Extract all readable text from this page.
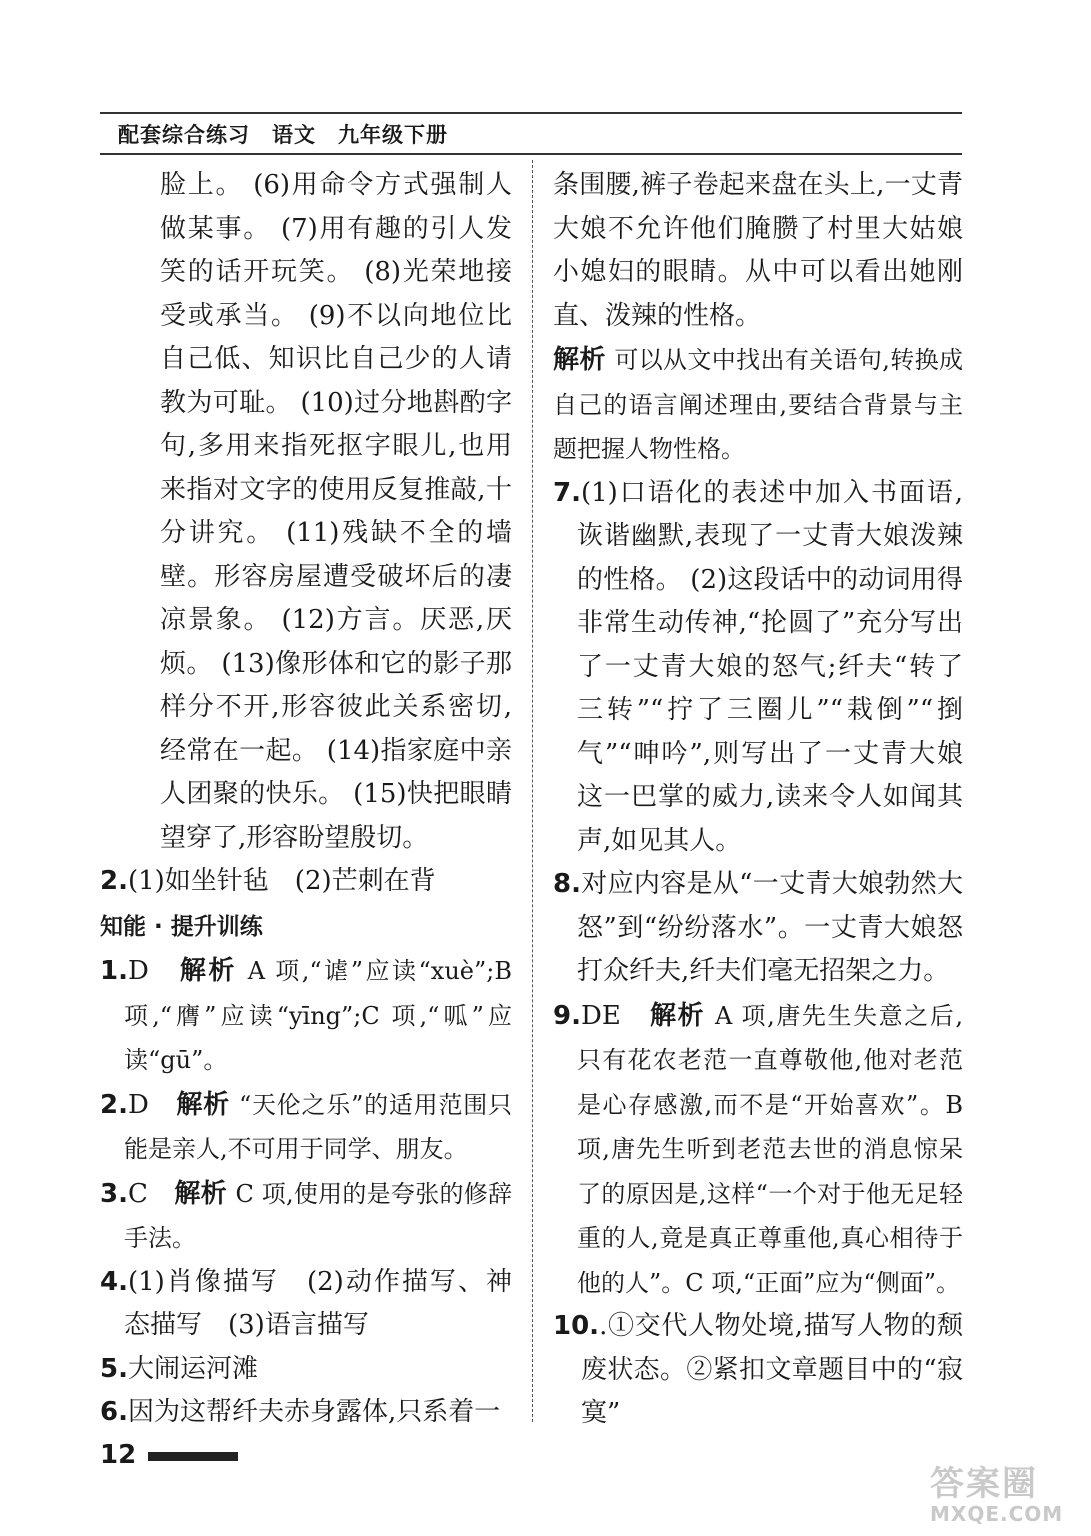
配套综合练习　语文　九年级下册

脸上。 (6)用命令方式强制人做某事。 (7)用有趣的引人发笑的话开玩笑。 (8)光荣地接受或承当。 (9)不以向地位比自己低、知识比自己少的人请教为可耻。 (10)过分地斟酌字句,多用来指死抠字眼儿,也用来指对文字的使用反复推敲,十分讲究。 (11)残缺不全的墙壁。形容房屋遭受破坏后的凄凉景象。 (12)方言。厌恶,厌烦。 (13)像形体和它的影子那样分不开,形容彼此关系密切,经常在一起。 (14)指家庭中亲人团聚的快乐。 (15)快把眼睛望穿了,形容盼望殷切。

2.(1)如坐针毡　(2)芒刺在背

知能 · 提升训练

1.D　 解析 A 项,“谑”应读“xuè”;B 项,“膺”应读“yīng”;C 项,“呱”应读“gū”。

2.D　 解析 “天伦之乐”的适用范围只能是亲人,不可用于同学、朋友。

3.C　 解析 C 项,使用的是夸张的修辞手法。

4.(1)肖像描写　(2)动作描写、神态描写　(3)语言描写

5.大闹运河滩

6.因为这帮纤夫赤身露体,只系着一

条围腰,裤子卷起来盘在头上,一丈青大娘不允许他们腌臜了村里大姑娘小媳妇的眼睛。从中可以看出她刚直、泼辣的性格。

解析 可以从文中找出有关语句,转换成自己的语言阐述理由,要结合背景与主题把握人物性格。

7.(1)口语化的表述中加入书面语,诙谐幽默,表现了一丈青大娘泼辣的性格。 (2)这段话中的动词用得非常生动传神,“抡圆了”充分写出了一丈青大娘的怒气;纤夫“转了三转”“拧了三圈儿”“栽倒”“捯气”“呻吟”,则写出了一丈青大娘这一巴掌的威力,读来令人如闻其声,如见其人。

8.对应内容是从“一丈青大娘勃然大怒”到“纷纷落水”。一丈青大娘怒打众纤夫,纤夫们毫无招架之力。

9.DE　 解析 A 项,唐先生失意之后,只有花农老范一直尊敬他,他对老范是心存感激,而不是“开始喜欢”。B 项,唐先生听到老范去世的消息惊呆了的原因是,这样“一个对于他无足轻重的人,竟是真正尊重他,真心相待于他的人”。C 项,“正面”应为“侧面”。

10..①交代人物处境,描写人物的颓废状态。②紧扣文章题目中的“寂寞”

12
答案圈
MXQE.COM
